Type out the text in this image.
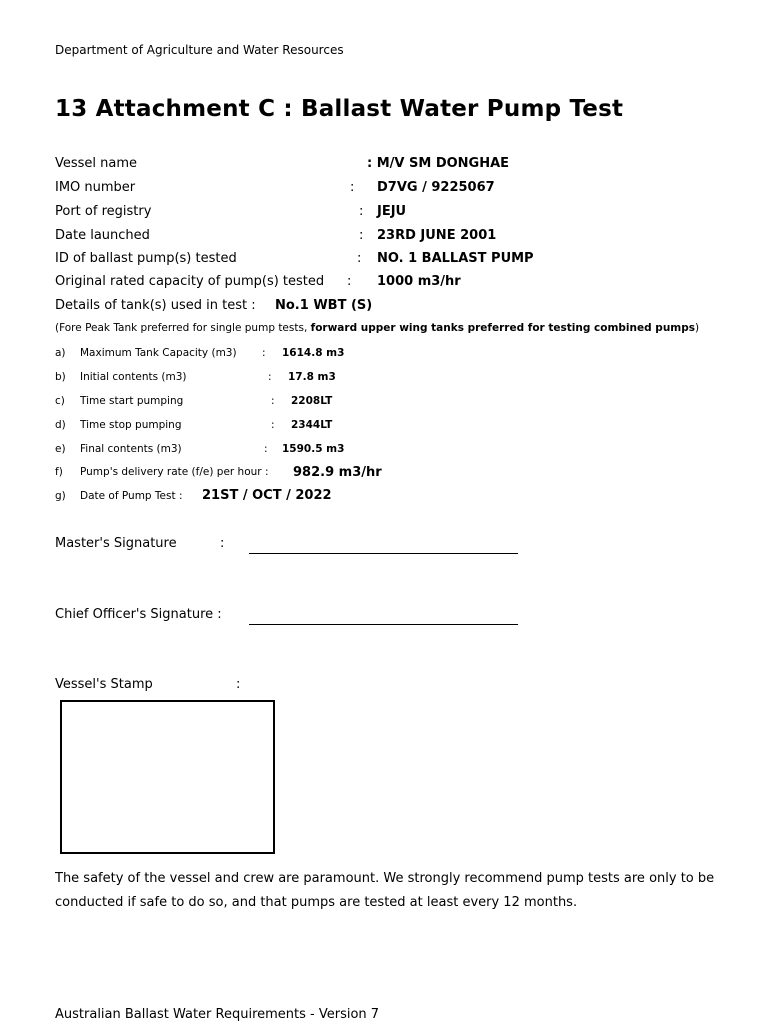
Department of Agriculture and Water Resources
13 Attachment C : Ballast Water Pump Test
Vessel name	: M/V SM DONGHAE
IMO number	: D7VG / 9225067
Port of registry	: JEJU
Date launched	: 23RD JUNE 2001
ID of ballast pump(s) tested	: NO. 1 BALLAST PUMP
Original rated capacity of pump(s) tested : 1000 m3/hr
Details of tank(s) used in test : No.1 WBT (S)
(Fore Peak Tank preferred for single pump tests, forward upper wing tanks preferred for testing combined pumps)
a) Maximum Tank Capacity (m3) : 1614.8 m3
b) Initial contents (m3)	: 17.8 m3
c) Time start pumping	: 2208LT
d) Time stop pumping	: 2344LT
e) Final contents (m3)	: 1590.5 m3
f) Pump's delivery rate (f/e) per hour : 982.9 m3/hr
g) Date of Pump Test : 21ST / OCT / 2022
Master's Signature	:
Chief Officer's Signature :
Vessel's Stamp	:
The safety of the vessel and crew are paramount. We strongly recommend pump tests are only to be conducted if safe to do so, and that pumps are tested at least every 12 months.
Australian Ballast Water Requirements - Version 7
